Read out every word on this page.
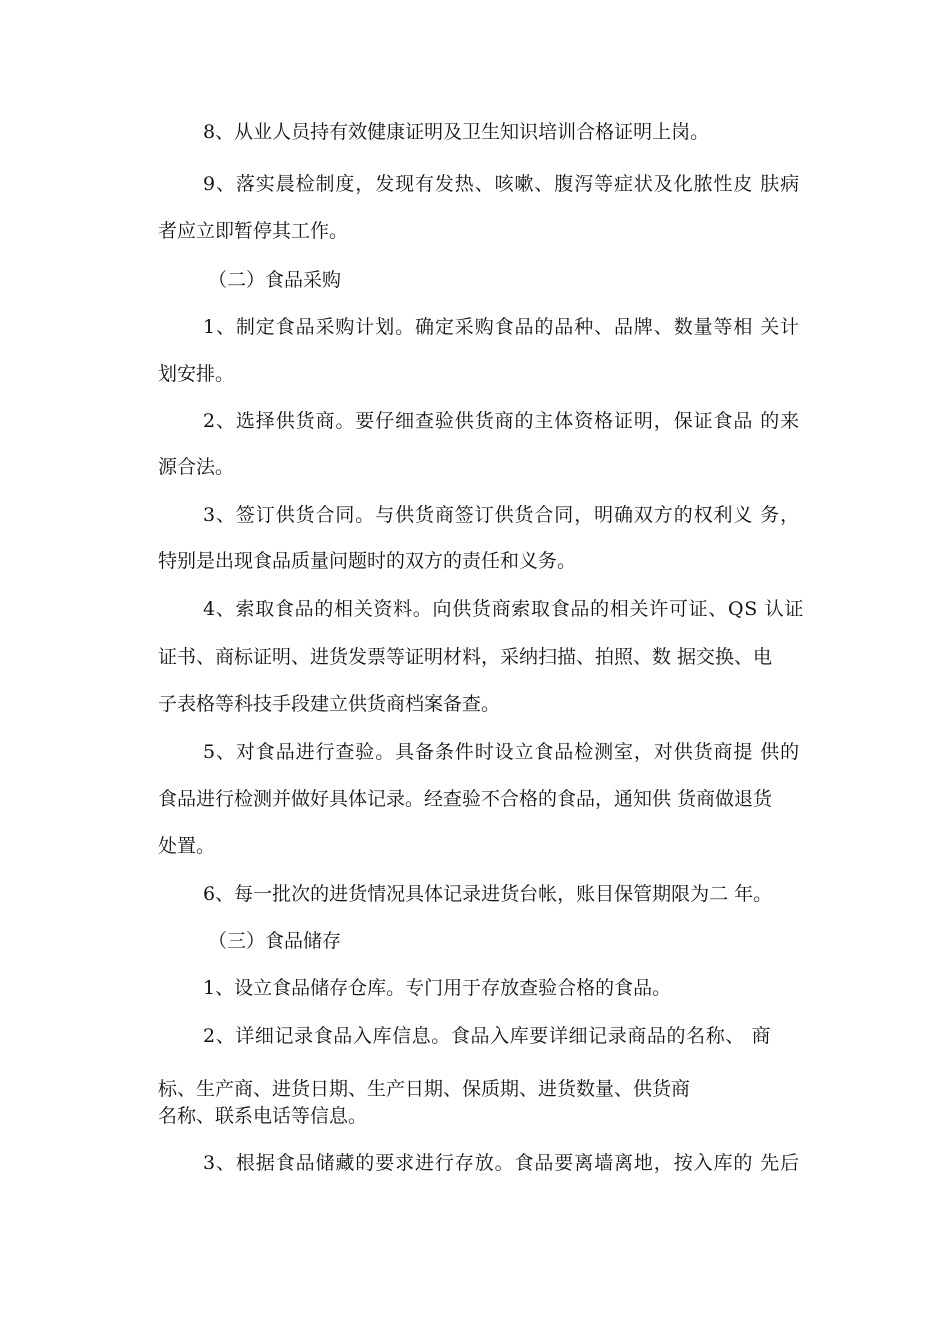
8、从业人员持有效健康证明及卫生知识培训合格证明上岗。
9、落实晨检制度，发现有发热、咳嗽、腹泻等症状及化脓性皮 肤病
者应立即暂停其工作。
（二）食品采购
1、制定食品采购计划。确定采购食品的品种、品牌、数量等相 关计
划安排。
2、选择供货商。要仔细查验供货商的主体资格证明，保证食品 的来
源合法。
3、签订供货合同。与供货商签订供货合同，明确双方的权利义 务，
特别是出现食品质量问题时的双方的责任和义务。
4、索取食品的相关资料。向供货商索取食品的相关许可证、QS 认证
证书、商标证明、进货发票等证明材料，采纳扫描、拍照、数 据交换、电
子表格等科技手段建立供货商档案备查。
5、对食品进行查验。具备条件时设立食品检测室，对供货商提 供的
食品进行检测并做好具体记录。经查验不合格的食品，通知供 货商做退货
处置。
6、每一批次的进货情况具体记录进货台帐，账目保管期限为二 年。
（三）食品储存
1、设立食品储存仓库。专门用于存放查验合格的食品。
2、详细记录食品入库信息。食品入库要详细记录商品的名称、 商
标、生产商、进货日期、生产日期、保质期、进货数量、供货商
名称、联系电话等信息。
3、根据食品储藏的要求进行存放。食品要离墙离地，按入库的 先后
